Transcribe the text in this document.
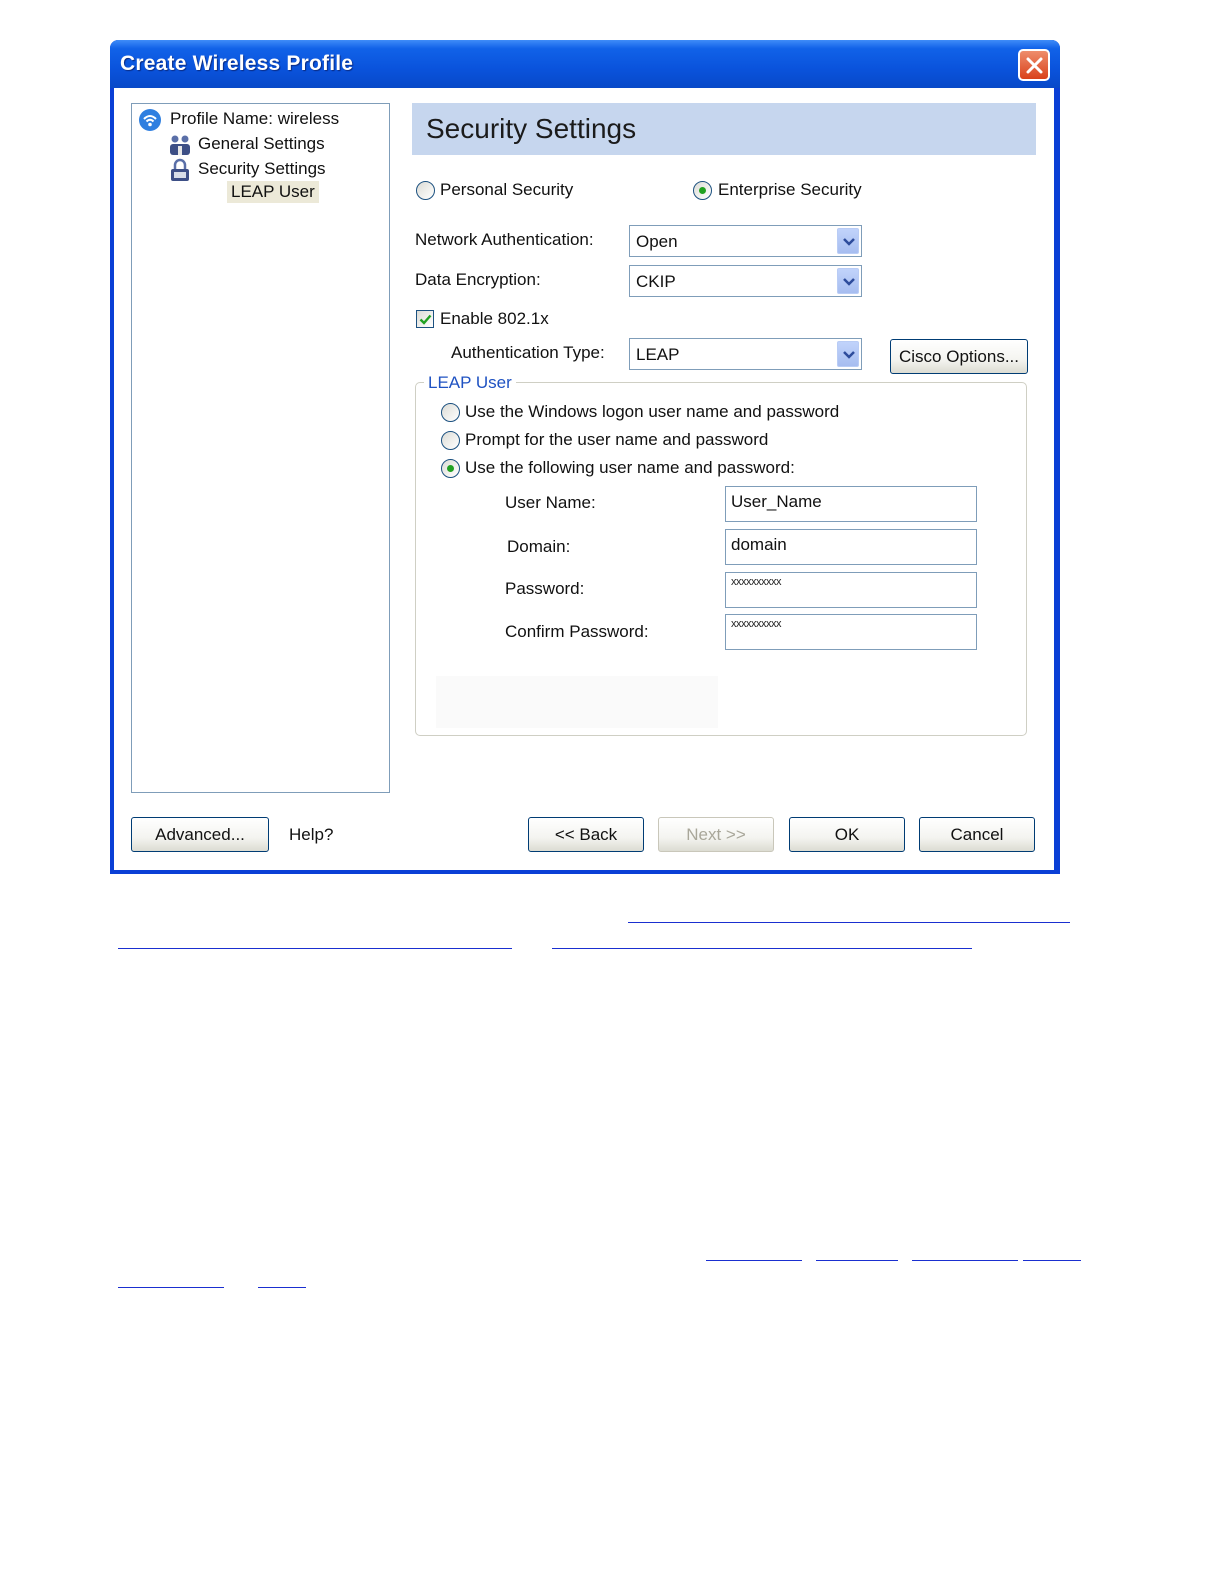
Create Wireless Profile
Profile Name: wireless
General Settings
Security Settings
LEAP User
Security Settings
Personal Security	Enterprise Security
Network Authentication: Open
Data Encryption:	CKIP
Enable 802.1x
Authentication Type: LEAP	Cisco Options...
LEAP User
Use the Windows logon user name and password
Prompt for the user name and password
Use the following user name and password:
User Name:	User_Name
Domain:	domain
Password:	xxxxxxxxxx
Confirm Password:	xxxxxxxxxx
Advanced...	Help?	<< Back	Next >>	OK	Cancel
